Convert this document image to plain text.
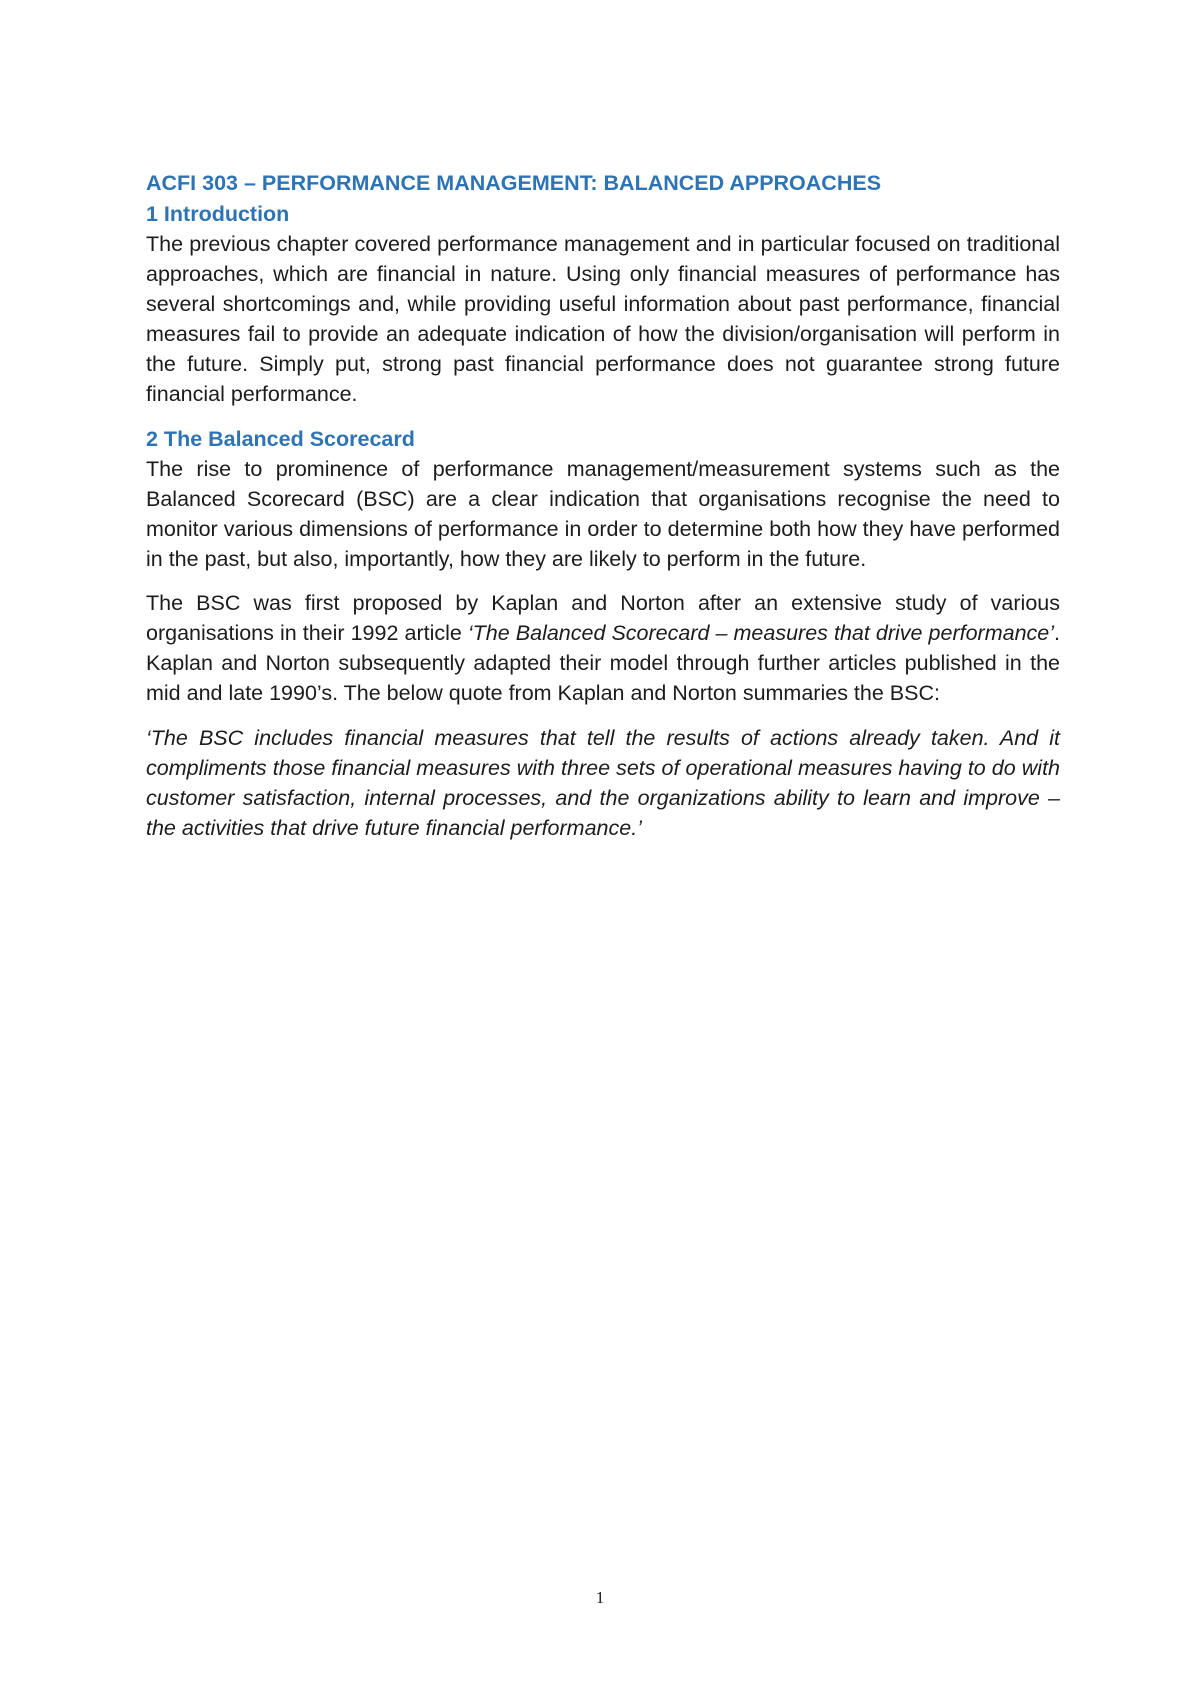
ACFI 303 – PERFORMANCE MANAGEMENT: BALANCED APPROACHES
1 Introduction

The previous chapter covered performance management and in particular focused on traditional approaches, which are financial in nature. Using only financial measures of performance has several shortcomings and, while providing useful information about past performance, financial measures fail to provide an adequate indication of how the division/organisation will perform in the future. Simply put, strong past financial performance does not guarantee strong future financial performance.

2 The Balanced Scorecard

The rise to prominence of performance management/measurement systems such as the Balanced Scorecard (BSC) are a clear indication that organisations recognise the need to monitor various dimensions of performance in order to determine both how they have performed in the past, but also, importantly, how they are likely to perform in the future.

The BSC was first proposed by Kaplan and Norton after an extensive study of various organisations in their 1992 article ‘The Balanced Scorecard – measures that drive performance’. Kaplan and Norton subsequently adapted their model through further articles published in the mid and late 1990’s. The below quote from Kaplan and Norton summaries the BSC:

‘The BSC includes financial measures that tell the results of actions already taken. And it compliments those financial measures with three sets of operational measures having to do with customer satisfaction, internal processes, and the organizations ability to learn and improve – the activities that drive future financial performance.’

1
